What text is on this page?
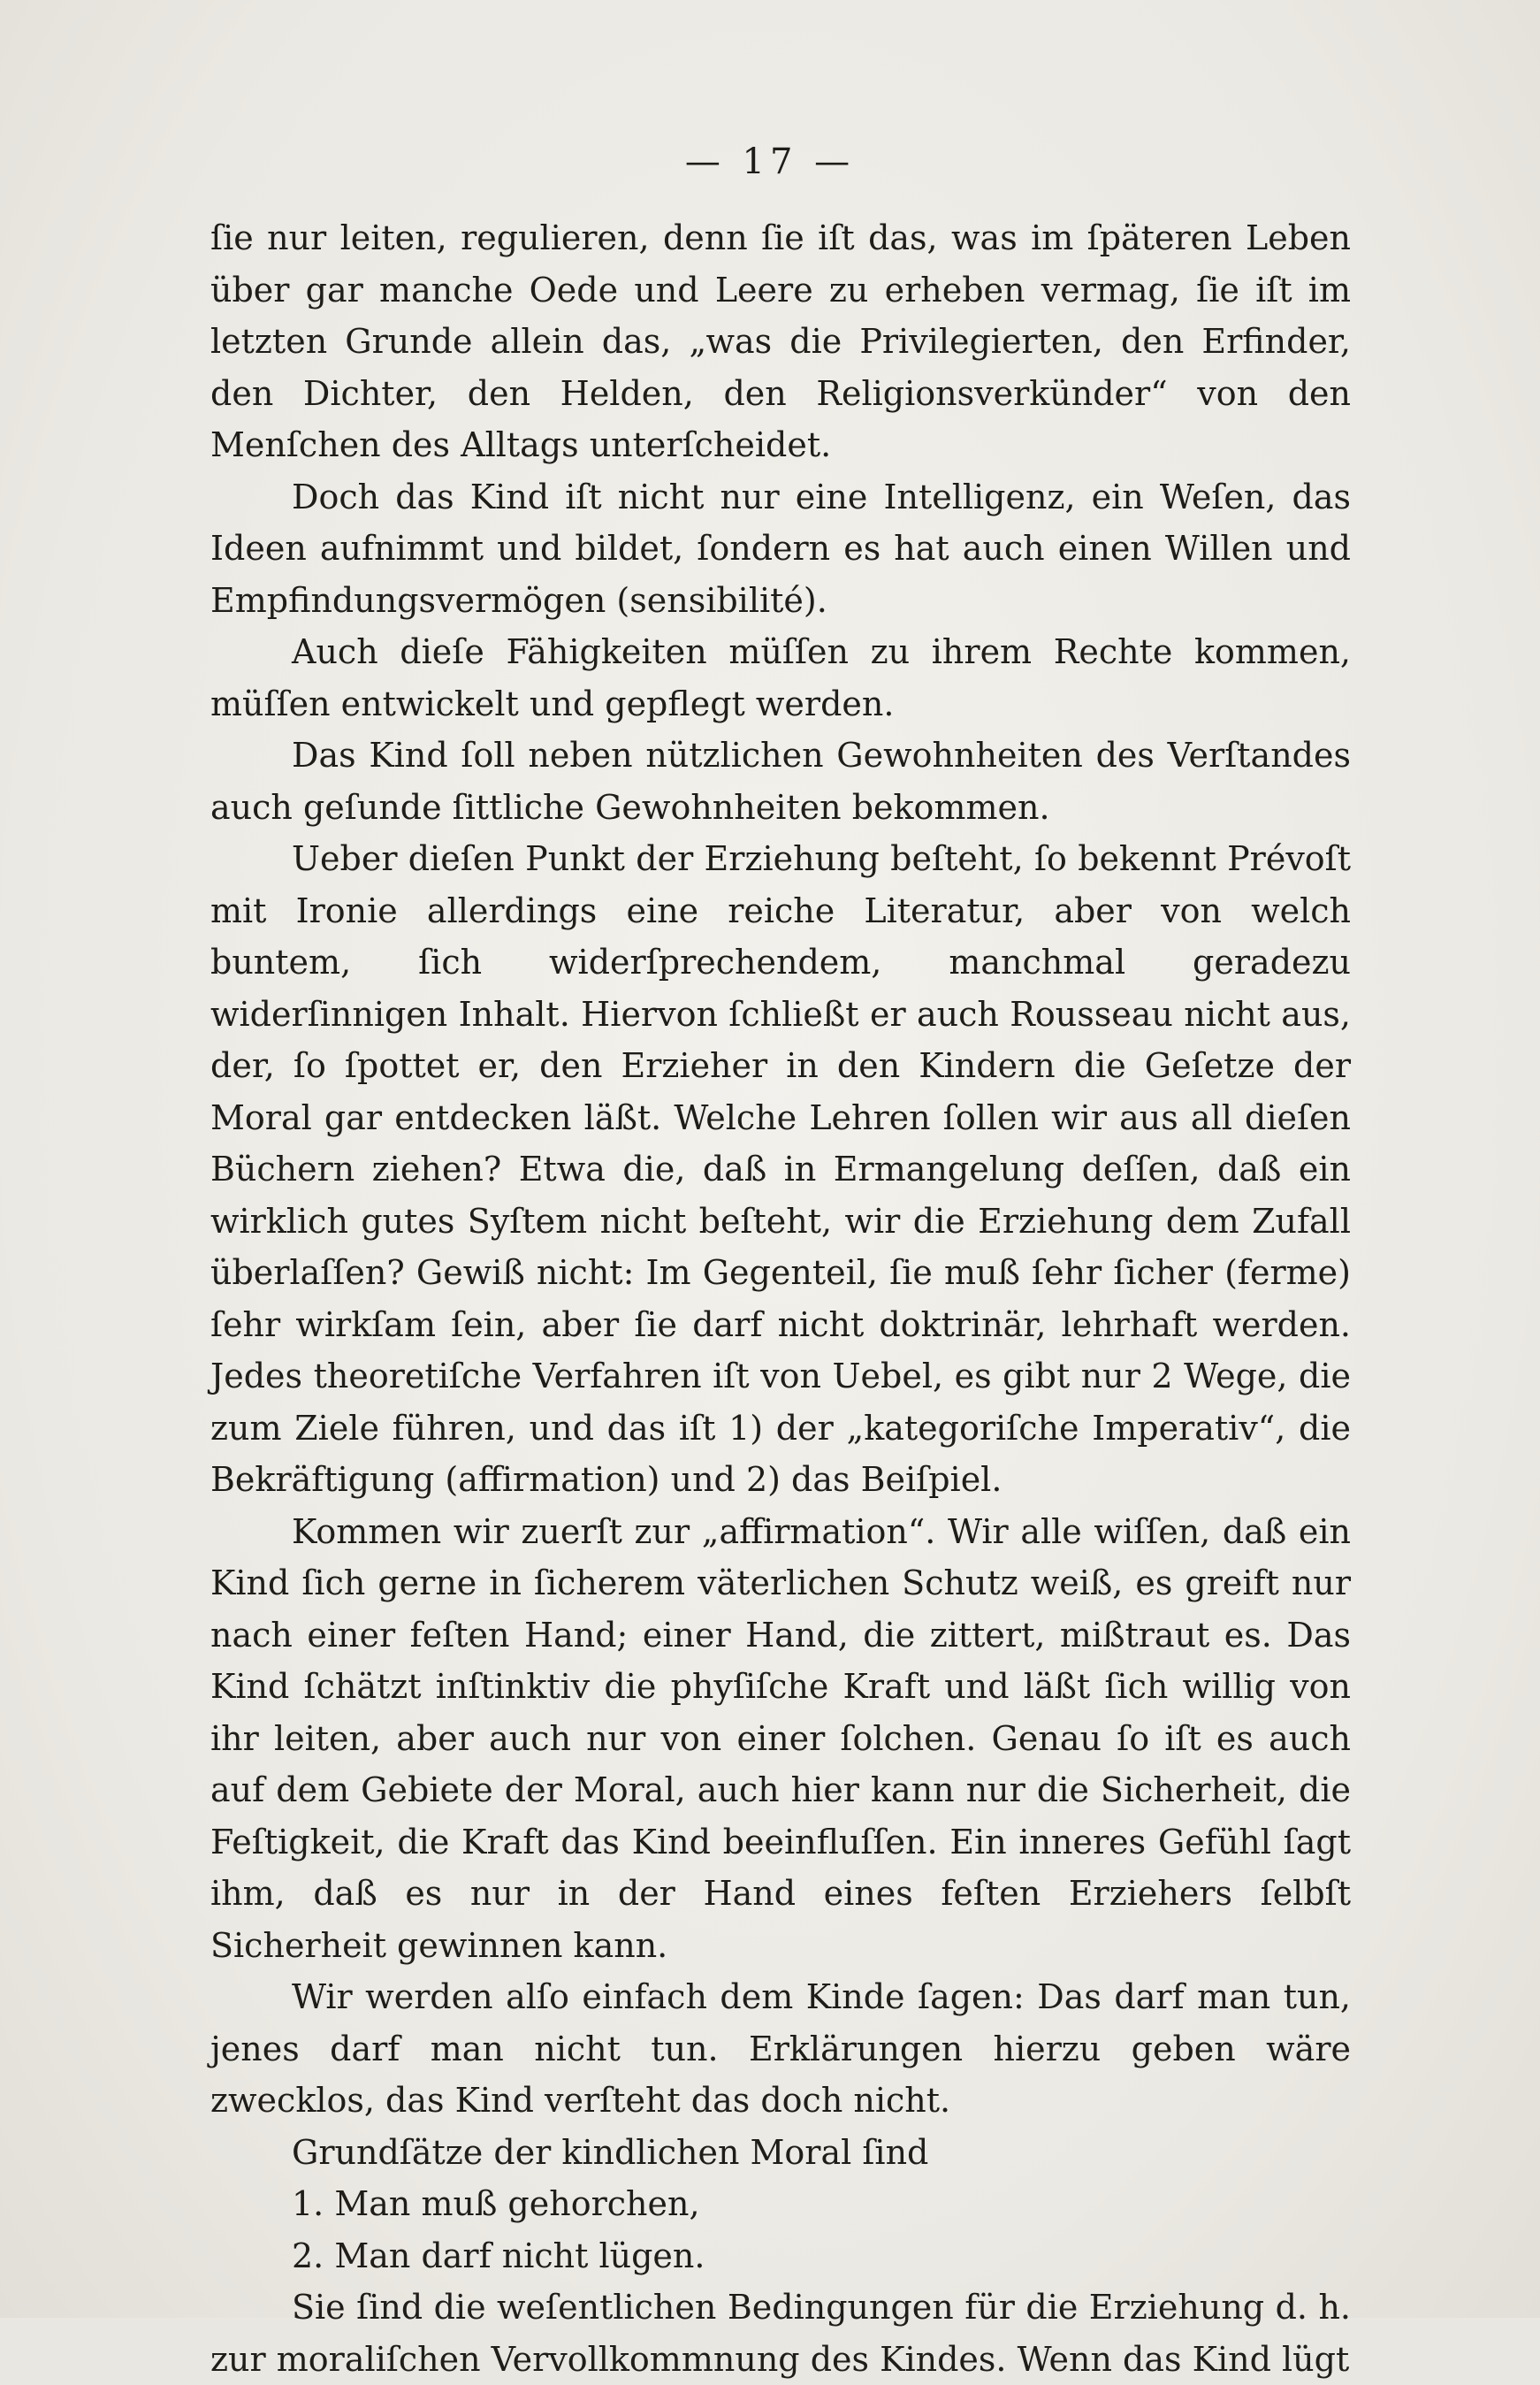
— 17 —

ſie nur leiten, regulieren, denn ſie iſt das, was im ſpäteren Leben über gar manche Oede und Leere zu erheben vermag, ſie iſt im letzten Grunde allein das, „was die Privilegierten, den Erfinder, den Dichter, den Helden, den Religionsverkünder“ von den Menſchen des Alltags unterſcheidet.

Doch das Kind iſt nicht nur eine Intelligenz, ein Weſen, das Ideen aufnimmt und bildet, ſondern es hat auch einen Willen und Empfindungsvermögen (sensibilité).

Auch dieſe Fähigkeiten müſſen zu ihrem Rechte kommen, müſſen entwickelt und gepflegt werden.

Das Kind ſoll neben nützlichen Gewohnheiten des Verſtandes auch geſunde ſittliche Gewohnheiten bekommen.

Ueber dieſen Punkt der Erziehung beſteht, ſo bekennt Prévoſt mit Ironie allerdings eine reiche Literatur, aber von welch buntem, ſich widerſprechendem, manchmal geradezu widerſinnigen Inhalt. Hiervon ſchließt er auch Rousseau nicht aus, der, ſo ſpottet er, den Erzieher in den Kindern die Geſetze der Moral gar entdecken läßt. Welche Lehren ſollen wir aus all dieſen Büchern ziehen? Etwa die, daß in Ermangelung deſſen, daß ein wirklich gutes Syſtem nicht beſteht, wir die Erziehung dem Zufall überlaſſen? Gewiß nicht: Im Gegenteil, ſie muß ſehr ſicher (ferme) ſehr wirkſam ſein, aber ſie darf nicht doktrinär, lehrhaft werden. Jedes theoretiſche Verfahren iſt von Uebel, es gibt nur 2 Wege, die zum Ziele führen, und das iſt 1) der „kategoriſche Imperativ“, die Bekräftigung (affirmation) und 2) das Beiſpiel.

Kommen wir zuerſt zur „affirmation“. Wir alle wiſſen, daß ein Kind ſich gerne in ſicherem väterlichen Schutz weiß, es greift nur nach einer feſten Hand; einer Hand, die zittert, mißtraut es. Das Kind ſchätzt inſtinktiv die phyſiſche Kraft und läßt ſich willig von ihr leiten, aber auch nur von einer ſolchen. Genau ſo iſt es auch auf dem Gebiete der Moral, auch hier kann nur die Sicherheit, die Feſtigkeit, die Kraft das Kind beeinfluſſen. Ein inneres Gefühl ſagt ihm, daß es nur in der Hand eines feſten Erziehers ſelbſt Sicherheit gewinnen kann.

Wir werden alſo einfach dem Kinde ſagen: Das darf man tun, jenes darf man nicht tun. Erklärungen hierzu geben wäre zwecklos, das Kind verſteht das doch nicht.

Grundſätze der kindlichen Moral ſind

1. Man muß gehorchen,

2. Man darf nicht lügen.

Sie ſind die weſentlichen Bedingungen für die Erziehung d. h. zur moraliſchen Vervollkommnung des Kindes. Wenn das Kind lügt
